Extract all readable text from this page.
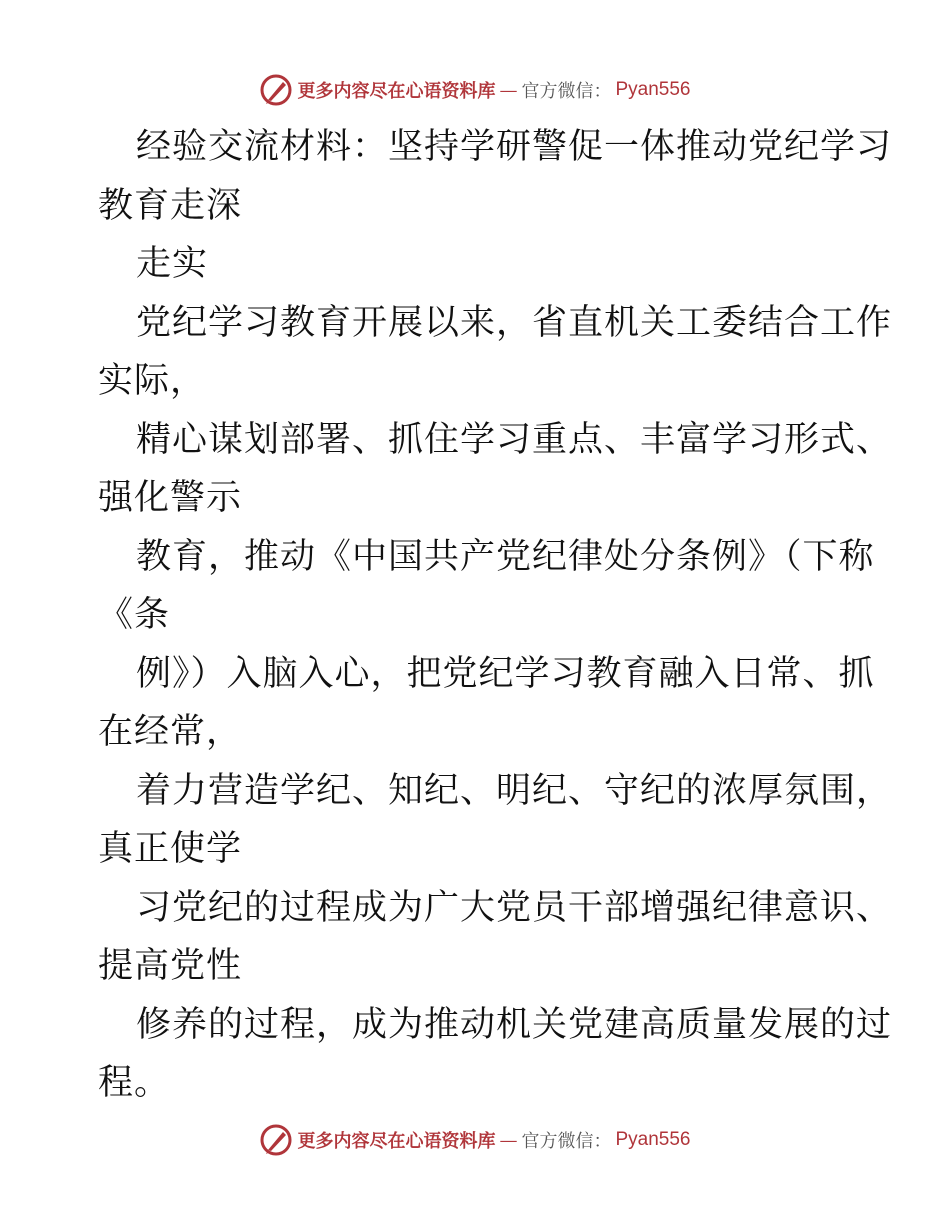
更多内容尽在心语资料库 — 官方微信： Pyan556
经验交流材料：坚持学研警促一体推动党纪学习
教育走深
走实
党纪学习教育开展以来，省直机关工委结合工作
实际，
精心谋划部署、抓住学习重点、丰富学习形式、
强化警示
教育，推动《中国共产党纪律处分条例》（下称
《条
例》）入脑入心，把党纪学习教育融入日常、抓
在经常，
着力营造学纪、知纪、明纪、守纪的浓厚氛围，
真正使学
习党纪的过程成为广大党员干部增强纪律意识、
提高党性
修养的过程，成为推动机关党建高质量发展的过
程。
更多内容尽在心语资料库 — 官方微信： Pyan556
